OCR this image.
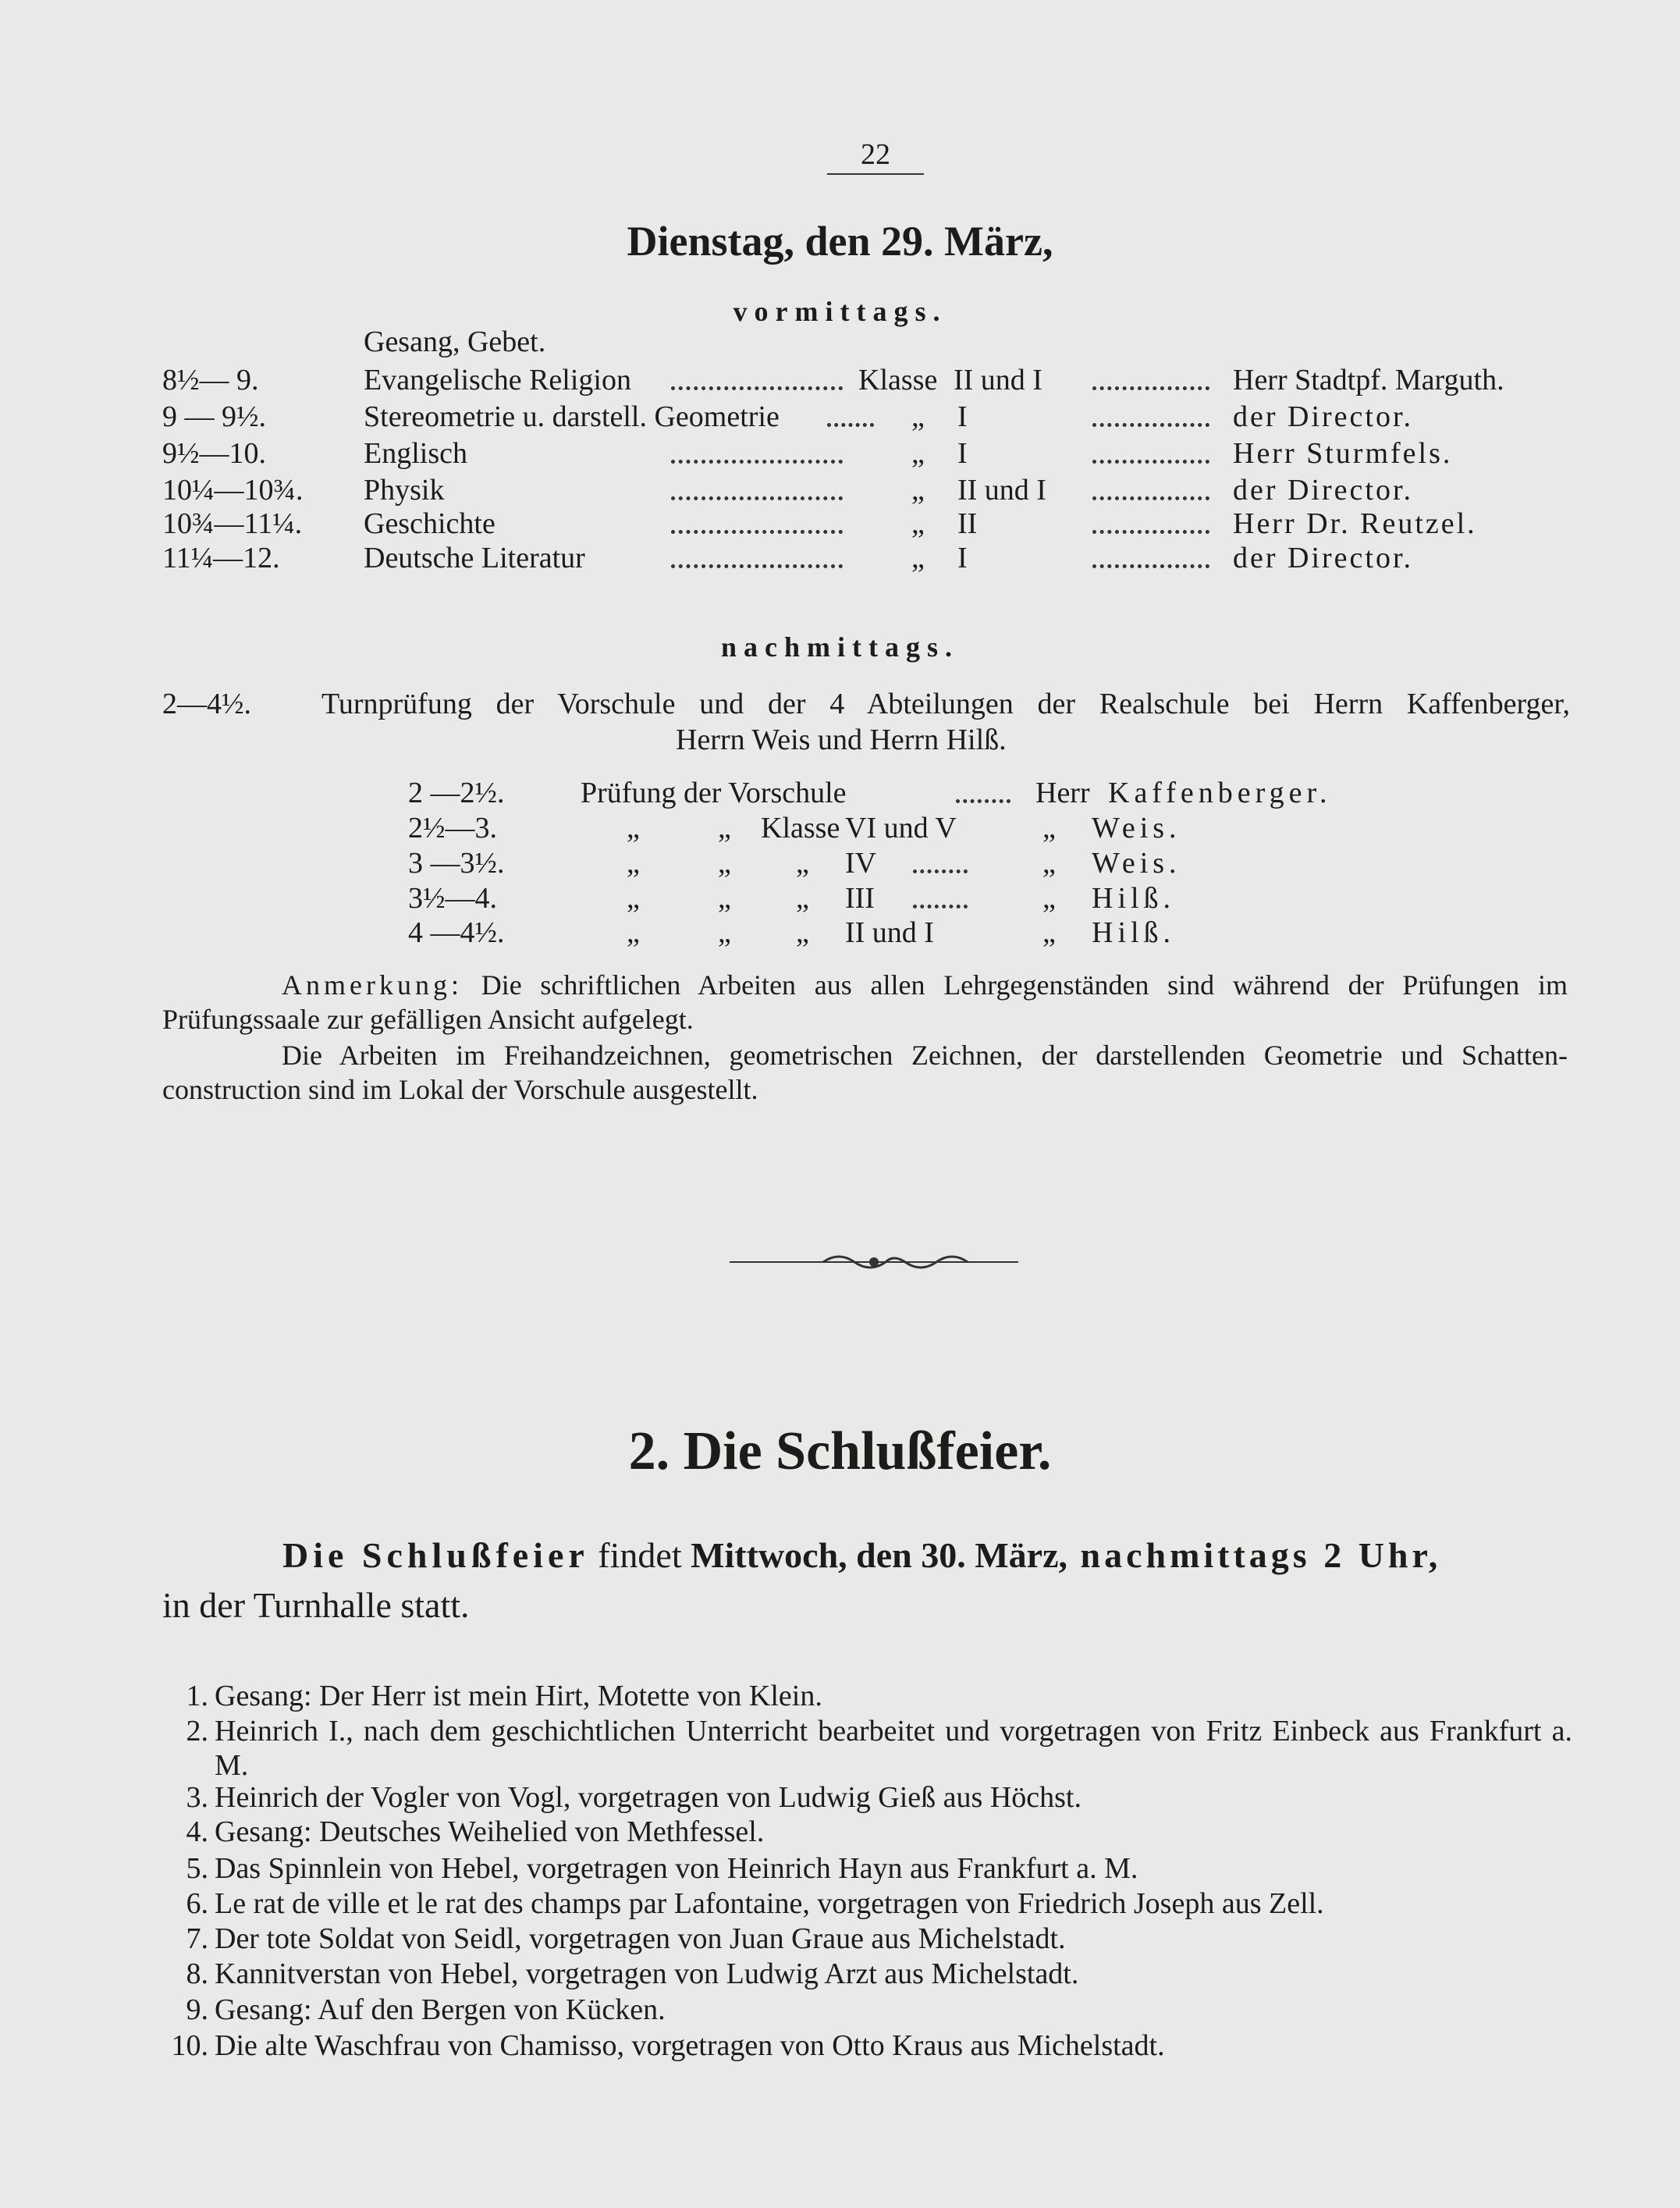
22
Dienstag, den 29. März,
vormittags.
Gesang, Gebet.
8½— 9.	Evangelische Religion	Klasse II und I	Herr Stadtpf. Marguth.
9 — 9½.	Stereometrie u. darstell. Geometrie	„ I	der Director.
9½—10.	Englisch	„ I	Herr Sturmfels.
10¼—10¾. Physik	„ II und I	der Director.
10¾—11¼. Geschichte	„ II	Herr Dr. Reutzel.
11¼—12.	Deutsche Literatur	„ I	der Director.
nachmittags.
2—4½. Turnprüfung der Vorschule und der 4 Abteilungen der Realschule bei Herrn Kaffenberger,
Herrn Weis und Herrn Hilß.
2 —2½.	Prüfung der Vorschule	Herr Kaffenberger.
2½—3.	„	„ Klasse VI und V	„ Weis.
3 —3½.	„	„ „ IV	„ Weis.
3½—4.	„	„ „ III	„ Hilß.
4 —4½.	„	„ „ II und I	„ Hilß.
Anmerkung: Die schriftlichen Arbeiten aus allen Lehrgegenständen sind während der Prüfungen im Prüfungssaale zur gefälligen Ansicht aufgelegt.
Die Arbeiten im Freihandzeichnen, geometrischen Zeichnen, der darstellenden Geometrie und Schatten-construction sind im Lokal der Vorschule ausgestellt.
2. Die Schlußfeier.
Die Schlußfeier findet Mittwoch, den 30. März, nachmittags 2 Uhr,
in der Turnhalle statt.
1. Gesang: Der Herr ist mein Hirt, Motette von Klein.
2. Heinrich I., nach dem geschichtlichen Unterricht bearbeitet und vorgetragen von Fritz Einbeck aus Frankfurt a. M.
3. Heinrich der Vogler von Vogl, vorgetragen von Ludwig Gieß aus Höchst.
4. Gesang: Deutsches Weihelied von Methfessel.
5. Das Spinnlein von Hebel, vorgetragen von Heinrich Hayn aus Frankfurt a. M.
6. Le rat de ville et le rat des champs par Lafontaine, vorgetragen von Friedrich Joseph aus Zell.
7. Der tote Soldat von Seidl, vorgetragen von Juan Graue aus Michelstadt.
8. Kannitverstan von Hebel, vorgetragen von Ludwig Arzt aus Michelstadt.
9. Gesang: Auf den Bergen von Kücken.
10. Die alte Waschfrau von Chamisso, vorgetragen von Otto Kraus aus Michelstadt.
